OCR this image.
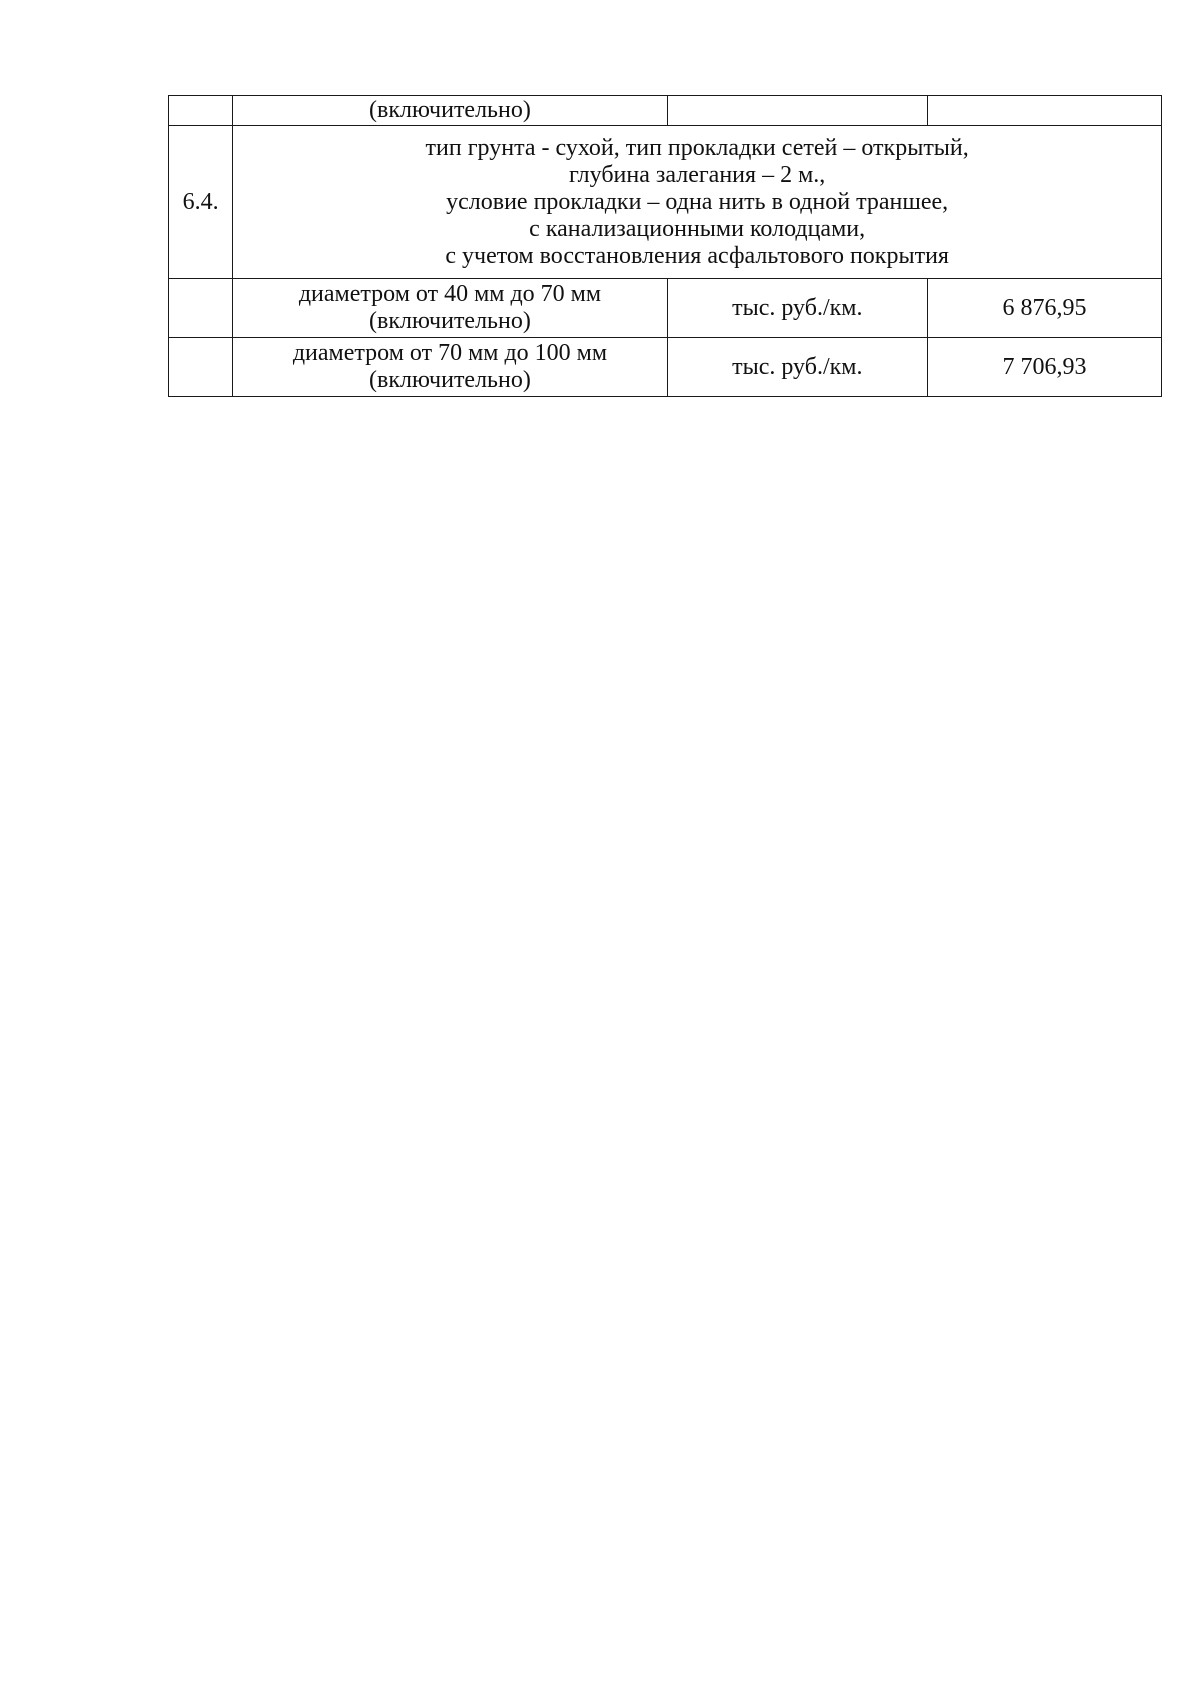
	(включительно)		
6.4.	тип грунта - сухой, тип прокладки сетей – открытый,
глубина залегания – 2 м.,
условие прокладки – одна нить в одной траншее,
с канализационными колодцами,
с учетом восстановления асфальтового покрытия		

	диаметром от 40 мм до 70 мм
(включительно)	тыс. руб./км.	6 876,95

	диаметром от 70 мм до 100 мм
(включительно)	тыс. руб./км.	7 706,93
